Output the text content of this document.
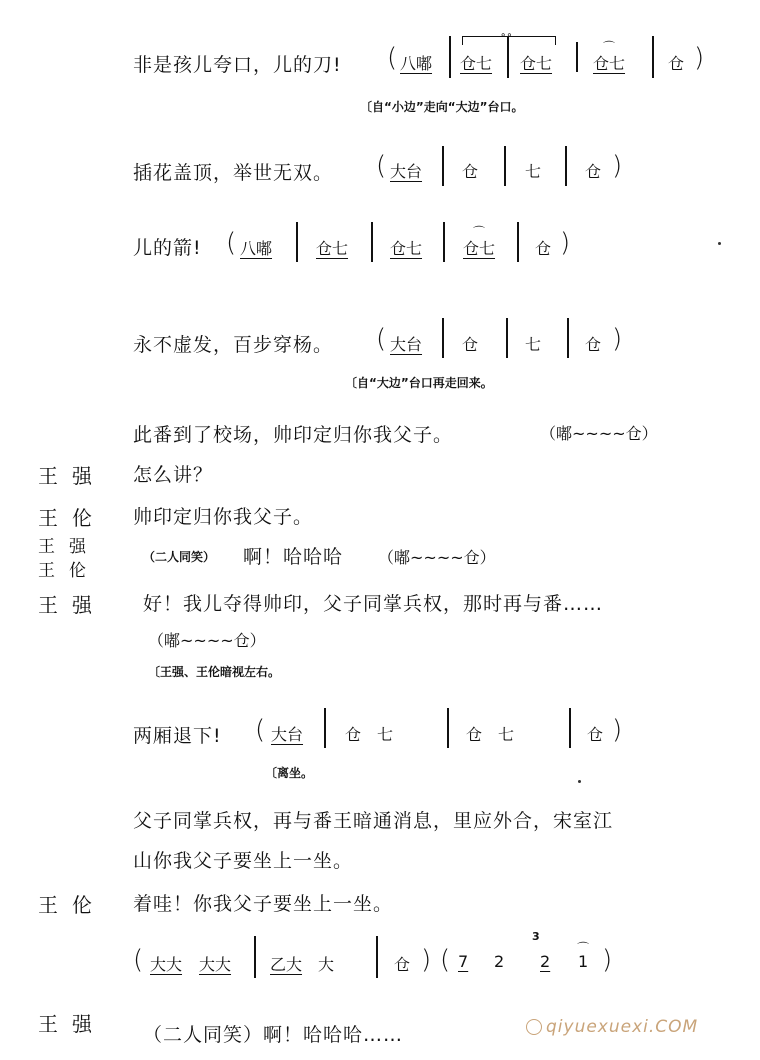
非是孩儿夸口，儿的刀! ( 八嘟 仓七 仓七
⌒
仓七	仓 )
∘∘
〔自“小边”走向“大边”台口。
插花盖顶，举世无双。 ( 大台 仓	七	仓 )
儿的箭! ( 八嘟	仓七	仓七
⌒
仓七 仓 )
永不虚发，百步穿杨。 ( 大台 仓	七	仓 )
〔自“大边”台口再走回来。
此番到了校场，帅印定归你我父子。	（嘟~~~~仓）
王强 怎么讲？
王伦 帅印定归你我父子。
王强
王伦
（二人同笑） 啊！哈哈哈 （嘟~~~~仓）
王强 好！我儿夺得帅印，父子同掌兵权，那时再与番……
（嘟~~~~仓）
〔王强、王伦暗视左右。
两厢退下! ( 大台	仓　七	仓　七	仓 )
〔离坐。
父子同掌兵权，再与番王暗通消息，里应外合，宋室江
山你我父子要坐上一坐。
王伦 着哇！你我父子要坐上一坐。
( 大大 大大 乙大 大	仓 ) ( 7 2
3
2
⌒
1 )
王强 （二人同笑）啊！哈哈哈……	qiyuexuexi.COM
